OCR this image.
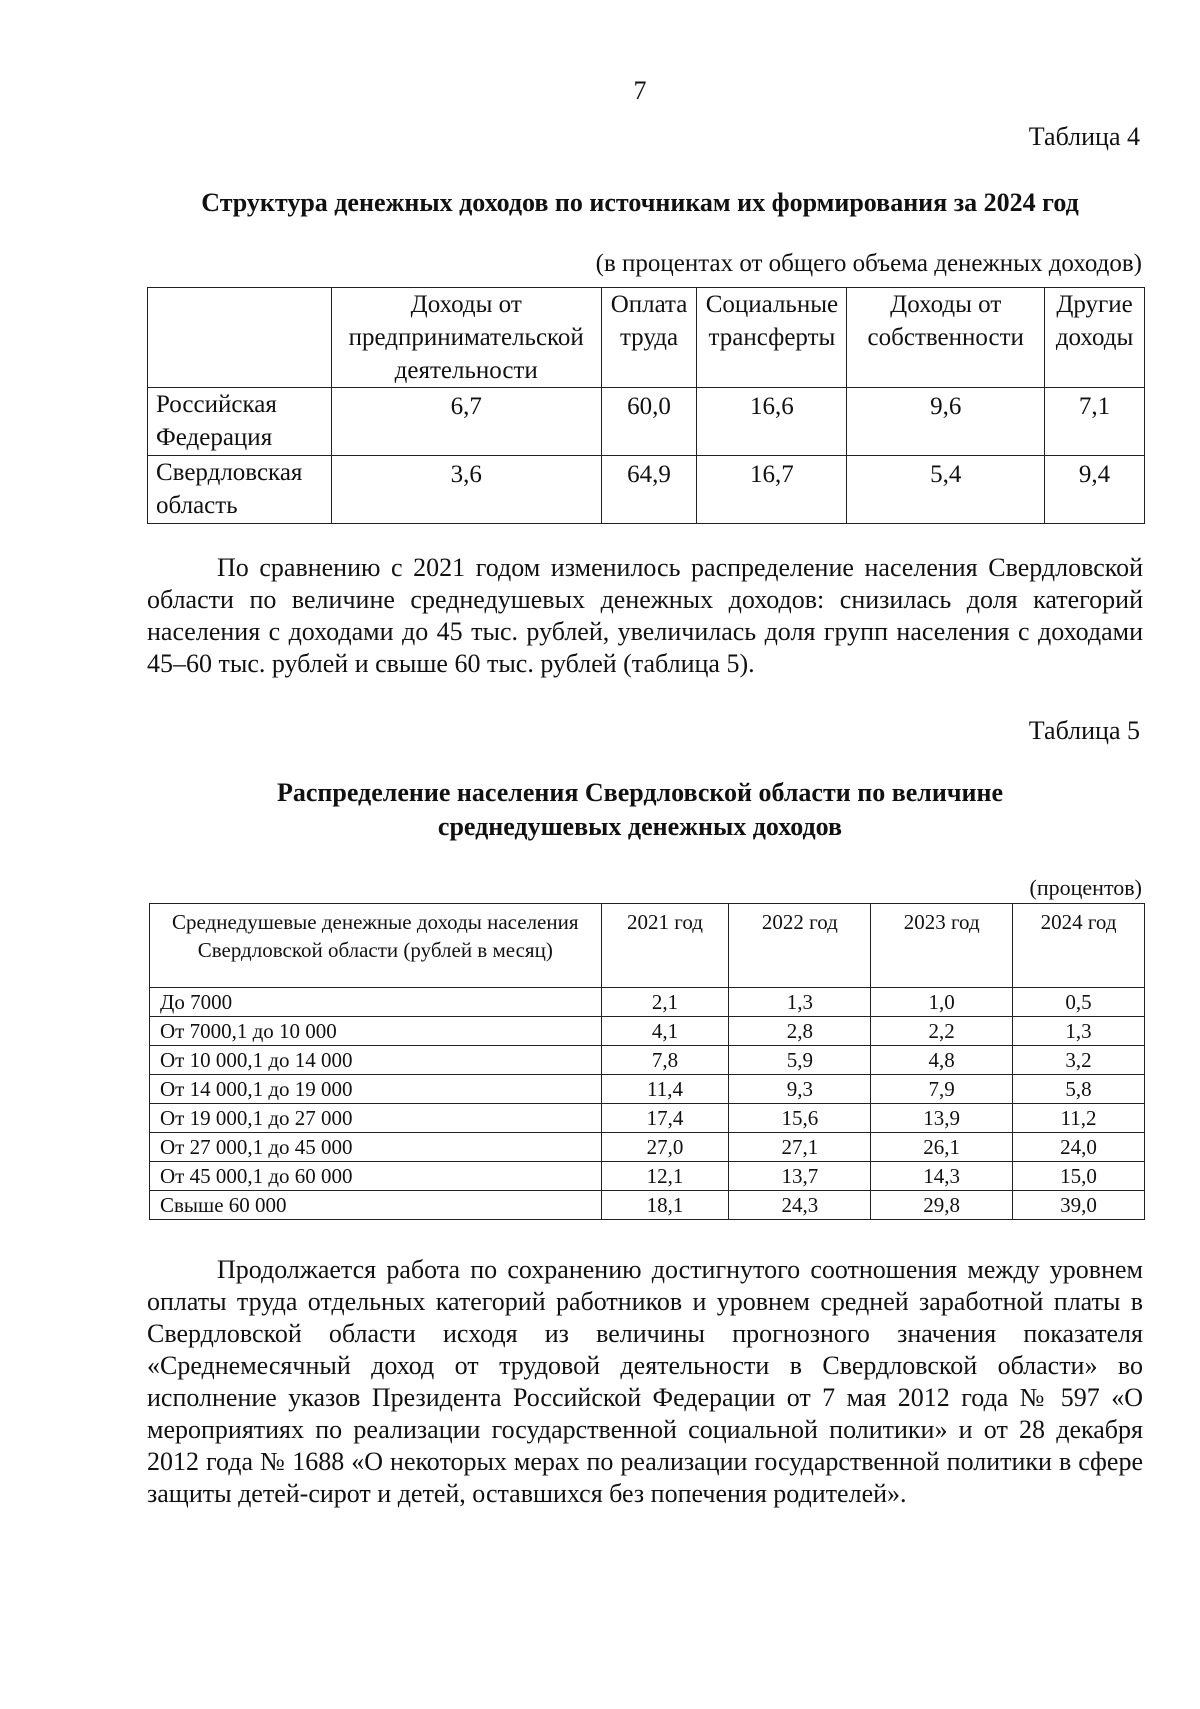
7
Таблица 4
Структура денежных доходов по источникам их формирования за 2024 год
(в процентах от общего объема денежных доходов)
	Доходы от предпринимательской деятельности	Оплата труда	Социальные трансферты	Доходы от собственности	Другие доходы
Российская Федерация	6,7	60,0	16,6	9,6	7,1
Свердловская область	3,6	64,9	16,7	5,4	9,4
По сравнению с 2021 годом изменилось распределение населения Свердловской области по величине среднедушевых денежных доходов: снизилась доля категорий населения с доходами до 45 тыс. рублей, увеличилась доля групп населения с доходами 45–60 тыс. рублей и свыше 60 тыс. рублей (таблица 5).
Таблица 5
Распределение населения Свердловской области по величине
среднедушевых денежных доходов
(процентов)
Среднедушевые денежные доходы населения Свердловской области (рублей в месяц)	2021 год	2022 год	2023 год	2024 год
До 7000	2,1	1,3	1,0	0,5
От 7000,1 до 10 000	4,1	2,8	2,2	1,3
От 10 000,1 до 14 000	7,8	5,9	4,8	3,2
От 14 000,1 до 19 000	11,4	9,3	7,9	5,8
От 19 000,1 до 27 000	17,4	15,6	13,9	11,2
От 27 000,1 до 45 000	27,0	27,1	26,1	24,0
От 45 000,1 до 60 000	12,1	13,7	14,3	15,0
Свыше 60 000	18,1	24,3	29,8	39,0
Продолжается работа по сохранению достигнутого соотношения между уровнем оплаты труда отдельных категорий работников и уровнем средней заработной платы в Свердловской области исходя из величины прогнозного значения показателя «Среднемесячный доход от трудовой деятельности в Свердловской области» во исполнение указов Президента Российской Федерации от 7 мая 2012 года № 597 «О мероприятиях по реализации государственной социальной политики» и от 28 декабря 2012 года № 1688 «О некоторых мерах по реализации государственной политики в сфере защиты детей-сирот и детей, оставшихся без попечения родителей».
